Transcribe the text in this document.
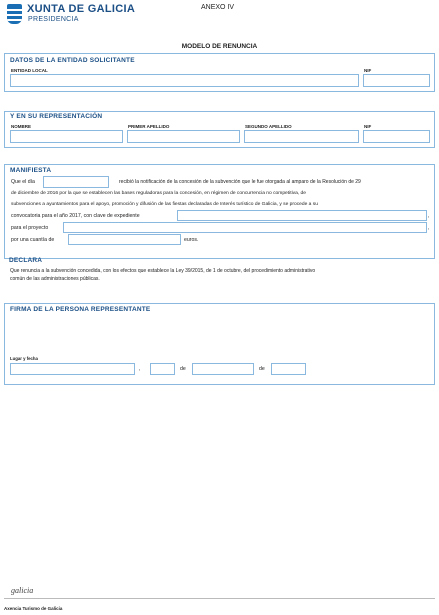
XUNTA DE GALICIA
PRESIDENCIA
ANEXO IV
MODELO DE RENUNCIA
DATOS DE LA ENTIDAD SOLICITANTE
ENTIDAD LOCAL	NIF
Y EN SU REPRESENTACIÓN
NOMBRE	PRIMER APELLIDO	SEGUNDO APELLIDO	NIF
MANIFIESTA
Que el día	recibió la notificación de la concesión de la subvención que le fue otorgada al amparo de la Resolución de 29
de diciembre de 2016 por la que se establecen las bases reguladoras para la concesión, en régimen de concurrencia no competitiva, de
subvenciones a ayuntamientos para el apoyo, promoción y difusión de las fiestas declaradas de Interés turístico de Galicia, y se procede a su
convocatoria para el año 2017, con clave de expediente	,
para el proyecto	,
por una cuantía de	euros.
DECLARA
Que renuncia a la subvención concedida, con los efectos que establece la Ley 39/2015, de 1 de octubre, del procedimiento administrativo
común de las administraciones públicas.
FIRMA DE LA PERSONA REPRESENTANTE
Lugar y fecha
,	de	de
galicia
Axencia Turismo de Galicia
